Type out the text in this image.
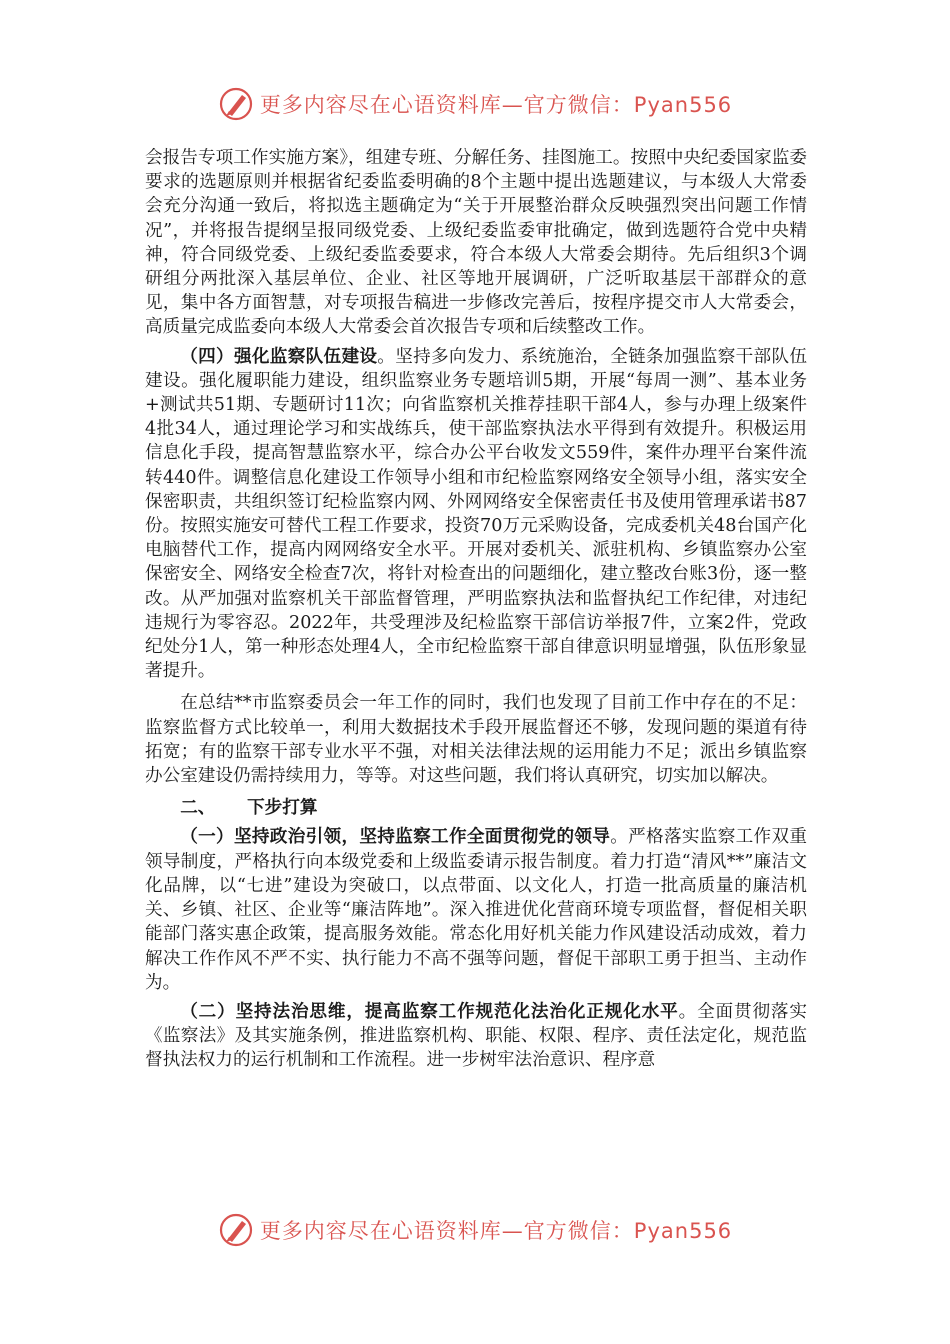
更多内容尽在心语资料库—官方微信：Pyan556

会报告专项工作实施方案》，组建专班、分解任务、挂图施工。按照中央纪委国家监委要求的选题原则并根据省纪委监委明确的8个主题中提出选题建议，与本级人大常委会充分沟通一致后，将拟选主题确定为“关于开展整治群众反映强烈突出问题工作情况”，并将报告提纲呈报同级党委、上级纪委监委审批确定，做到选题符合党中央精神，符合同级党委、上级纪委监委要求，符合本级人大常委会期待。先后组织3个调研组分两批深入基层单位、企业、社区等地开展调研，广泛听取基层干部群众的意见，集中各方面智慧，对专项报告稿进一步修改完善后，按程序提交市人大常委会，高质量完成监委向本级人大常委会首次报告专项和后续整改工作。

（四）强化监察队伍建设。坚持多向发力、系统施治，全链条加强监察干部队伍建设。强化履职能力建设，组织监察业务专题培训5期，开展“每周一测”、基本业务+测试共51期、专题研讨11次；向省监察机关推荐挂职干部4人，参与办理上级案件4批34人，通过理论学习和实战练兵，使干部监察执法水平得到有效提升。积极运用信息化手段，提高智慧监察水平，综合办公平台收发文559件，案件办理平台案件流转440件。调整信息化建设工作领导小组和市纪检监察网络安全领导小组，落实安全保密职责，共组织签订纪检监察内网、外网网络安全保密责任书及使用管理承诺书87份。按照实施安可替代工程工作要求，投资70万元采购设备，完成委机关48台国产化电脑替代工作，提高内网网络安全水平。开展对委机关、派驻机构、乡镇监察办公室保密安全、网络安全检查7次，将针对检查出的问题细化，建立整改台账3份，逐一整改。从严加强对监察机关干部监督管理，严明监察执法和监督执纪工作纪律，对违纪违规行为零容忍。2022年，共受理涉及纪检监察干部信访举报7件，立案2件，党政纪处分1人，第一种形态处理4人，全市纪检监察干部自律意识明显增强，队伍形象显著提升。

在总结**市监察委员会一年工作的同时，我们也发现了目前工作中存在的不足：监察监督方式比较单一，利用大数据技术手段开展监督还不够，发现问题的渠道有待拓宽；有的监察干部专业水平不强，对相关法律法规的运用能力不足；派出乡镇监察办公室建设仍需持续用力，等等。对这些问题，我们将认真研究，切实加以解决。

二、 下步打算

（一）坚持政治引领，坚持监察工作全面贯彻党的领导。严格落实监察工作双重领导制度，严格执行向本级党委和上级监委请示报告制度。着力打造“清风**”廉洁文化品牌，以“七进”建设为突破口，以点带面、以文化人，打造一批高质量的廉洁机关、乡镇、社区、企业等“廉洁阵地”。深入推进优化营商环境专项监督，督促相关职能部门落实惠企政策，提高服务效能。常态化用好机关能力作风建设活动成效，着力解决工作作风不严不实、执行能力不高不强等问题，督促干部职工勇于担当、主动作为。

（二）坚持法治思维，提高监察工作规范化法治化正规化水平。全面贯彻落实《监察法》及其实施条例，推进监察机构、职能、权限、程序、责任法定化，规范监督执法权力的运行机制和工作流程。进一步树牢法治意识、程序意

更多内容尽在心语资料库—官方微信：Pyan556
